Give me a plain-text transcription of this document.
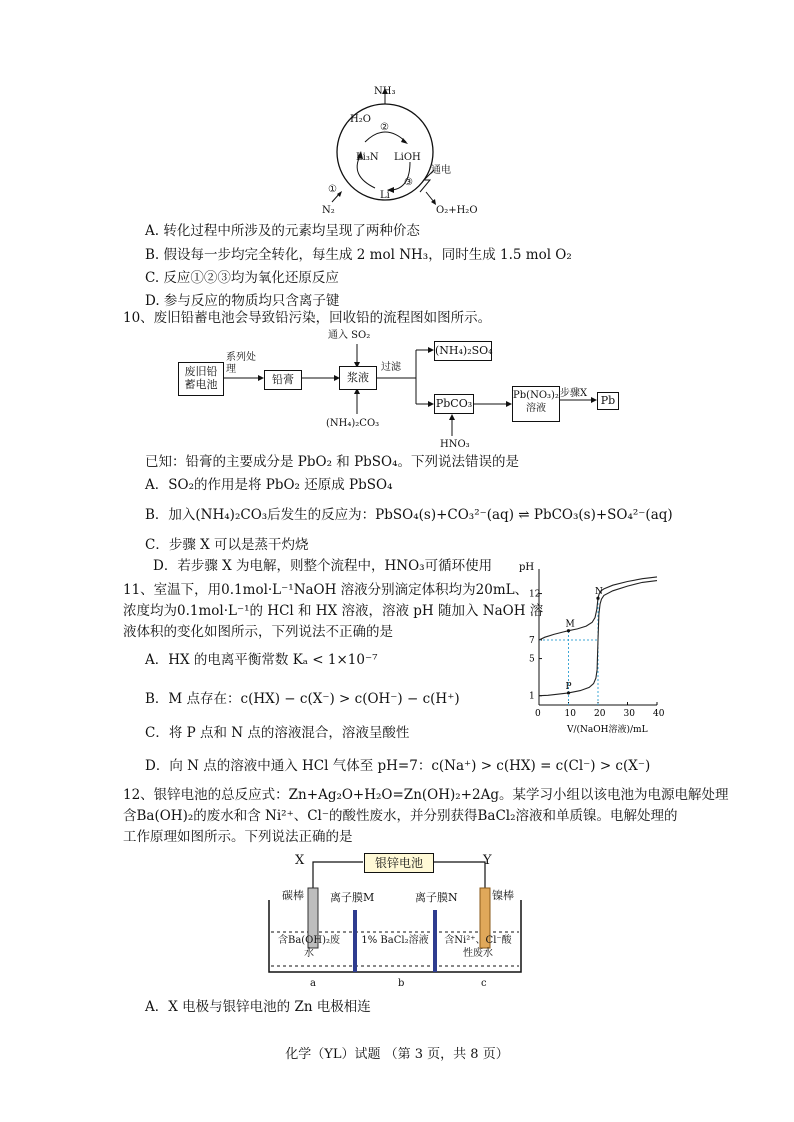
NH₃
H₂O
②
Li₃N LiOH
通电
③
①
Li
N₂	O₂+H₂O
A. 转化过程中所涉及的元素均呈现了两种价态
B. 假设每一步均完全转化，每生成 2 mol NH₃，同时生成 1.5 mol O₂
C. 反应①②③均为氧化还原反应
D. 参与反应的物质均只含离子键
10、废旧铅蓄电池会导致铅污染，回收铅的流程图如图所示。
废旧铅蓄电池
系列处理
铅膏
通入 SO₂
浆液
过滤
(NH₄)₂CO₃
(NH₄)₂SO₄
PbCO₃
HNO₃
Pb(NO₃)₂溶液
步骤X
Pb
已知：铅膏的主要成分是 PbO₂ 和 PbSO₄。下列说法错误的是
A．SO₂的作用是将 PbO₂ 还原成 PbSO₄
B．加入(NH₄)₂CO₃后发生的反应为：PbSO₄(s)+CO₃²⁻(aq) ⇌ PbCO₃(s)+SO₄²⁻(aq)
C．步骤 X 可以是蒸干灼烧
D．若步骤 X 为电解，则整个流程中，HNO₃可循环使用
11、室温下，用0.1mol·L⁻¹NaOH 溶液分别滴定体积均为20mL、
浓度均为0.1mol·L⁻¹的 HCl 和 HX 溶液，溶液 pH 随加入 NaOH 溶
液体积的变化如图所示，下列说法不正确的是
A．HX 的电离平衡常数 Kₐ < 1×10⁻⁷
B．M 点存在：c(HX) − c(X⁻) > c(OH⁻) − c(H⁺)
C．将 P 点和 N 点的溶液混合，溶液呈酸性
D．向 N 点的溶液中通入 HCl 气体至 pH=7：c(Na⁺) > c(HX) = c(Cl⁻) > c(X⁻)
0	10 20 30 40
1
5
7
12
M
N
P
pH
V/(NaOH溶液)/mL
12、银锌电池的总反应式：Zn+Ag₂O+H₂O=Zn(OH)₂+2Ag。某学习小组以该电池为电源电解处理
含Ba(OH)₂的废水和含 Ni²⁺、Cl⁻的酸性废水，并分别获得BaCl₂溶液和单质镍。电解处理的
工作原理如图所示。下列说法正确的是
X	银锌电池	Y
碳棒 离子膜M	离子膜N	镍棒
含Ba(OH)₂废水
1% BaCl₂溶液	含Ni²⁺、Cl⁻酸性废水
a	b	c
A．X 电极与银锌电池的 Zn 电极相连
化学（YL）试题 （第 3 页，共 8 页）
